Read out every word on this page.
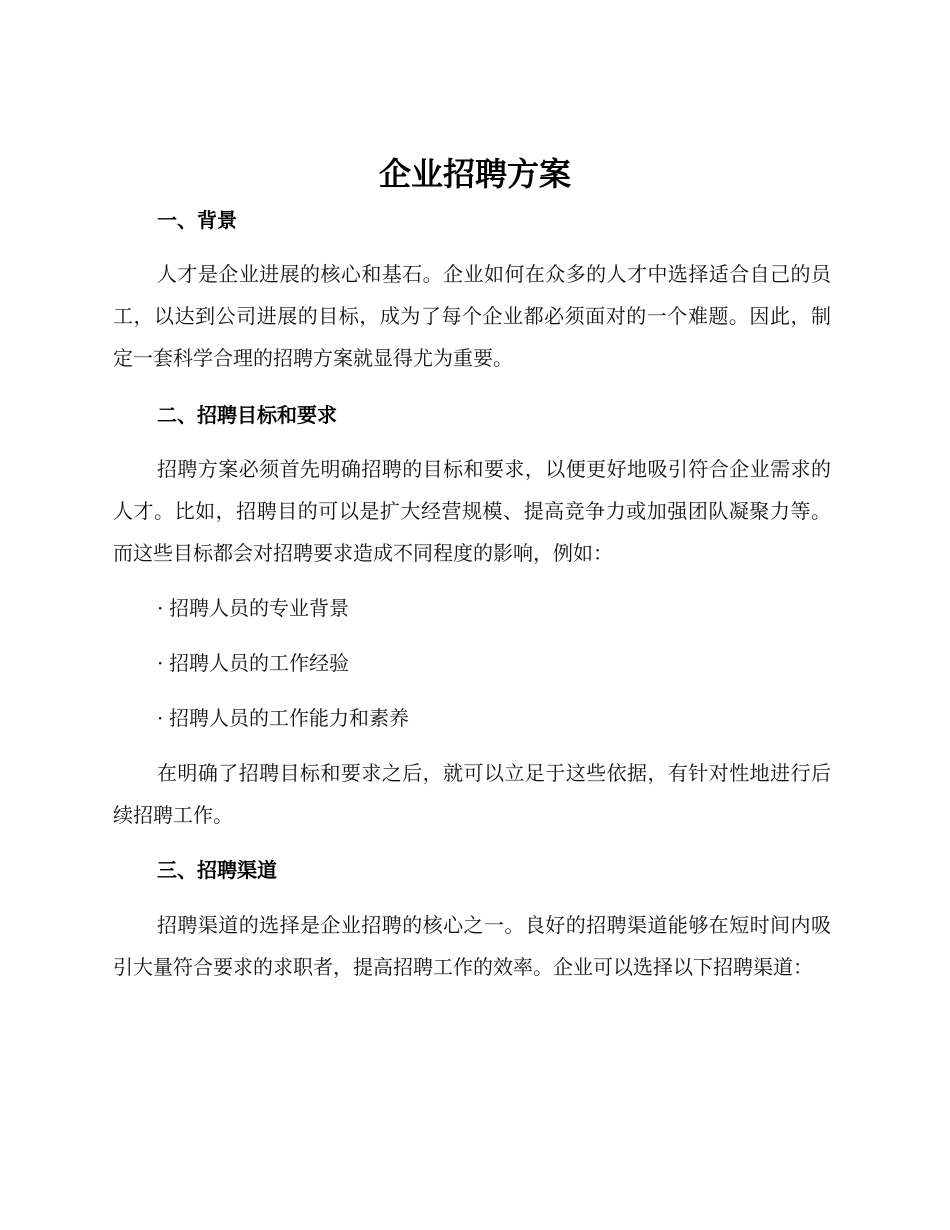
企业招聘方案
一、背景

人才是企业进展的核心和基石。企业如何在众多的人才中选择适合自己的员工，以达到公司进展的目标，成为了每个企业都必须面对的一个难题。因此，制定一套科学合理的招聘方案就显得尤为重要。

二、招聘目标和要求

招聘方案必须首先明确招聘的目标和要求，以便更好地吸引符合企业需求的人才。比如，招聘目的可以是扩大经营规模、提高竞争力或加强团队凝聚力等。而这些目标都会对招聘要求造成不同程度的影响，例如：

· 招聘人员的专业背景
· 招聘人员的工作经验
· 招聘人员的工作能力和素养

在明确了招聘目标和要求之后，就可以立足于这些依据，有针对性地进行后续招聘工作。

三、招聘渠道

招聘渠道的选择是企业招聘的核心之一。良好的招聘渠道能够在短时间内吸引大量符合要求的求职者，提高招聘工作的效率。企业可以选择以下招聘渠道：
